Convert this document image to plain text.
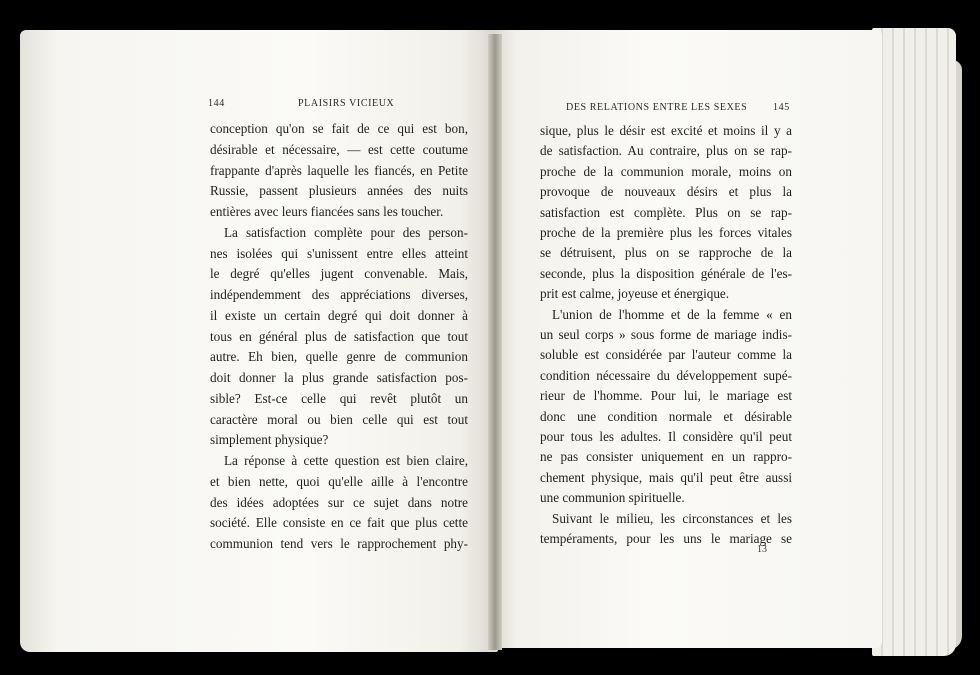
144	PLAISIRS VICIEUX	DES RELATIONS ENTRE LES SEXES	145
conception qu'on se fait de ce qui est bon,
désirable et nécessaire, — est cette coutume
frappante d'après laquelle les fiancés, en Petite
Russie, passent plusieurs années des nuits
entières avec leurs fiancées sans les toucher.
La satisfaction complète pour des person-
nes isolées qui s'unissent entre elles atteint
le degré qu'elles jugent convenable. Mais,
indépendemment des appréciations diverses,
il existe un certain degré qui doit donner à
tous en général plus de satisfaction que tout
autre. Eh bien, quelle genre de communion
doit donner la plus grande satisfaction pos-
sible? Est-ce celle qui revêt plutôt un
caractère moral ou bien celle qui est tout
simplement physique?
La réponse à cette question est bien claire,
et bien nette, quoi qu'elle aille à l'encontre
des idées adoptées sur ce sujet dans notre
société. Elle consiste en ce fait que plus cette
communion tend vers le rapprochement phy-
sique, plus le désir est excité et moins il y a
de satisfaction. Au contraire, plus on se rap-
proche de la communion morale, moins on
provoque de nouveaux désirs et plus la
satisfaction est complète. Plus on se rap-
proche de la première plus les forces vitales
se détruisent, plus on se rapproche de la
seconde, plus la disposition générale de l'es-
prit est calme, joyeuse et énergique.
L'union de l'homme et de la femme « en
un seul corps » sous forme de mariage indis-
soluble est considérée par l'auteur comme la
condition nécessaire du développement supé-
rieur de l'homme. Pour lui, le mariage est
donc une condition normale et désirable
pour tous les adultes. Il considère qu'il peut
ne pas consister uniquement en un rappro-
chement physique, mais qu'il peut être aussi
une communion spirituelle.
Suivant le milieu, les circonstances et les
tempéraments, pour les uns le mariage se
13
